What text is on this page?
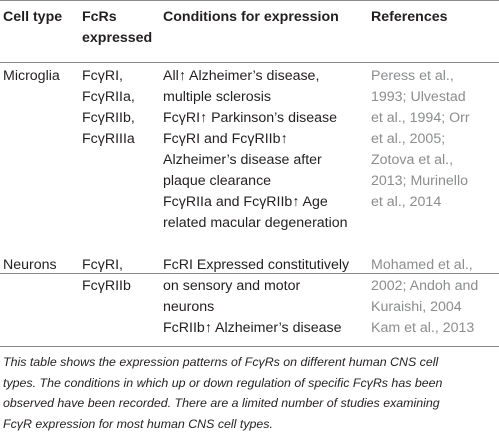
Cell type FcRs
expressed
Conditions for expression References
Microglia FcγRI,
FcγRIIa,
FcγRIIb,
FcγRIIIa
All↑ Alzheimer’s disease,
multiple sclerosis
FcγRI↑ Parkinson’s disease
FcγRI and FcγRIIb↑
Alzheimer’s disease after
plaque clearance
FcγRIIa and FcγRIIb↑ Age
related macular degeneration
Peress et al.,
1993; Ulvestad
et al., 1994; Orr
et al., 2005;
Zotova et al.,
2013; Murinello
et al., 2014
Neurons FcγRI,
FcγRIIb
FcRI Expressed constitutively
on sensory and motor
neurons
FcRIIb↑ Alzheimer’s disease
Mohamed et al.,
2002; Andoh and
Kuraishi, 2004
Kam et al., 2013
This table shows the expression patterns of FcγRs on different human CNS cell
types. The conditions in which up or down regulation of specific FcγRs has been
observed have been recorded. There are a limited number of studies examining
FcγR expression for most human CNS cell types.
